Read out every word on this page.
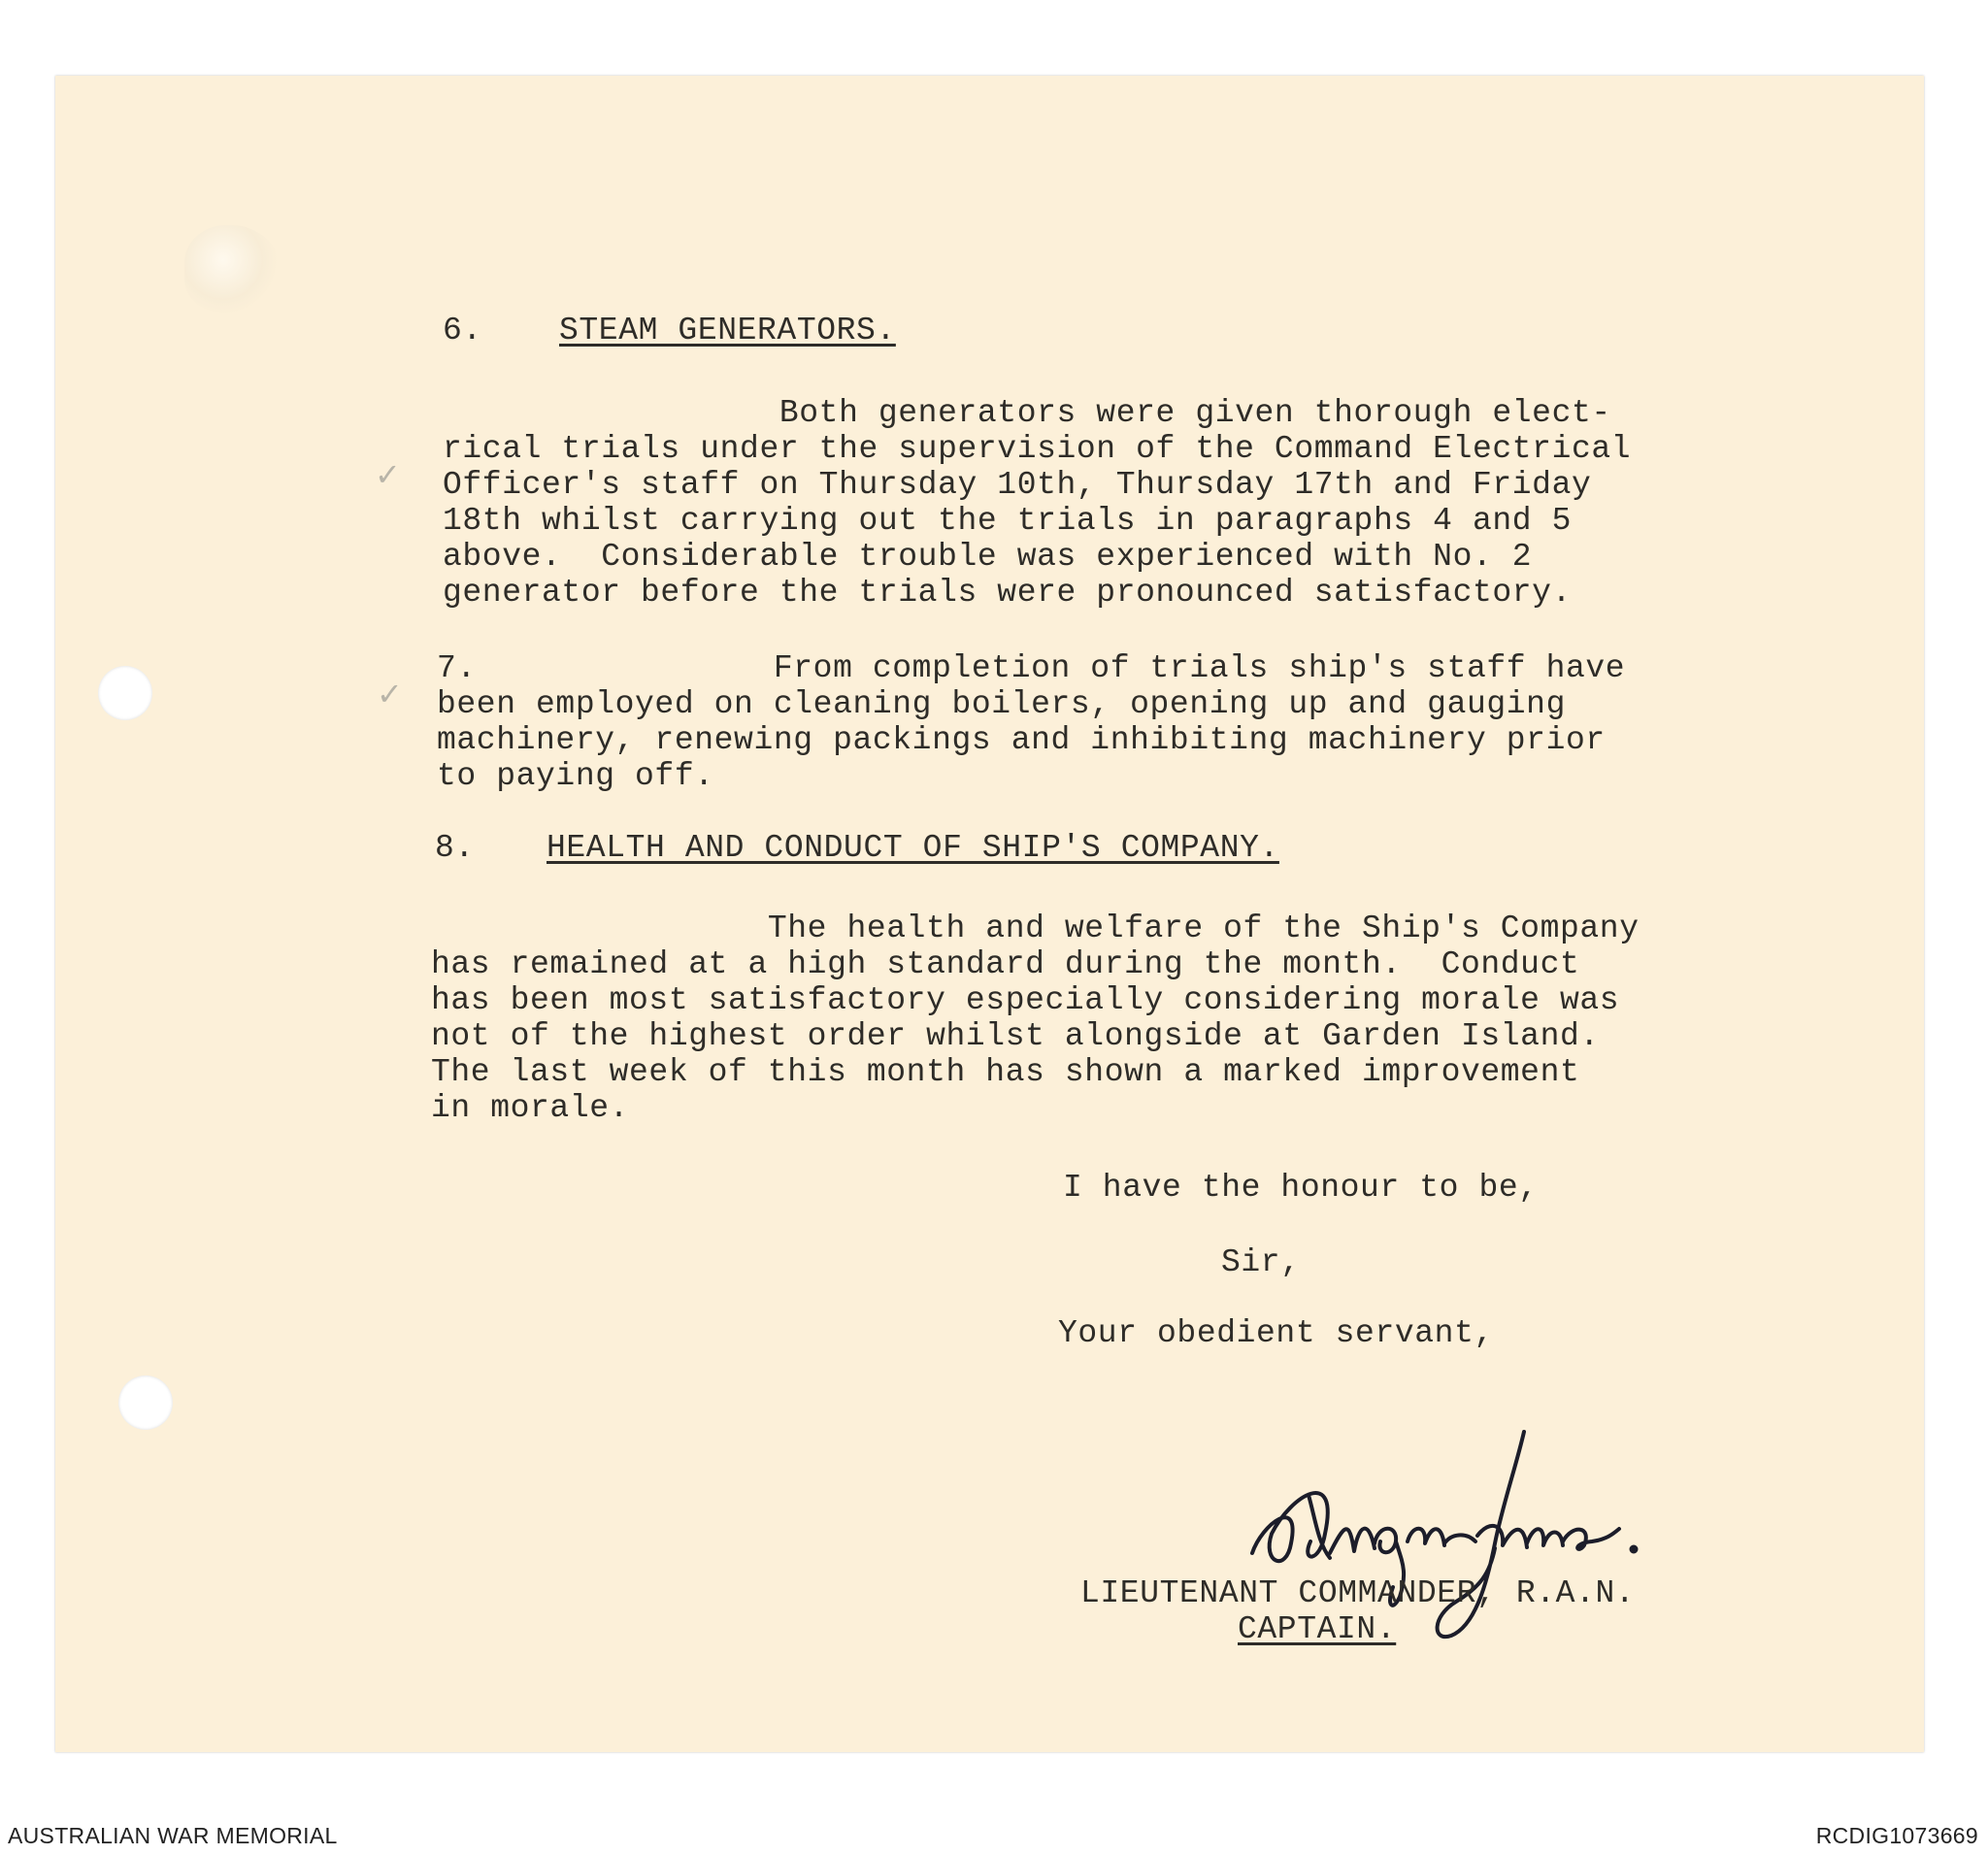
✓
✓

6.

STEAM GENERATORS.

Both generators were given thorough elect-
rical trials under the supervision of the Command Electrical
Officer's staff on Thursday 10th, Thursday 17th and Friday
18th whilst carrying out the trials in paragraphs 4 and 5
above.  Considerable trouble was experienced with No. 2
generator before the trials were pronounced satisfactory.
7.               From completion of trials ship's staff have
been employed on cleaning boilers, opening up and gauging
machinery, renewing packings and inhibiting machinery prior
to paying off.

8.

HEALTH AND CONDUCT OF SHIP'S COMPANY.

The health and welfare of the Ship's Company
has remained at a high standard during the month.  Conduct
has been most satisfactory especially considering morale was
not of the highest order whilst alongside at Garden Island.
The last week of this month has shown a marked improvement
in morale.
I have the honour to be,
Sir,
Your obedient servant,
LIEUTENANT COMMANDER, R.A.N.
CAPTAIN.
AUSTRALIAN WAR MEMORIAL	RCDIG1073669
